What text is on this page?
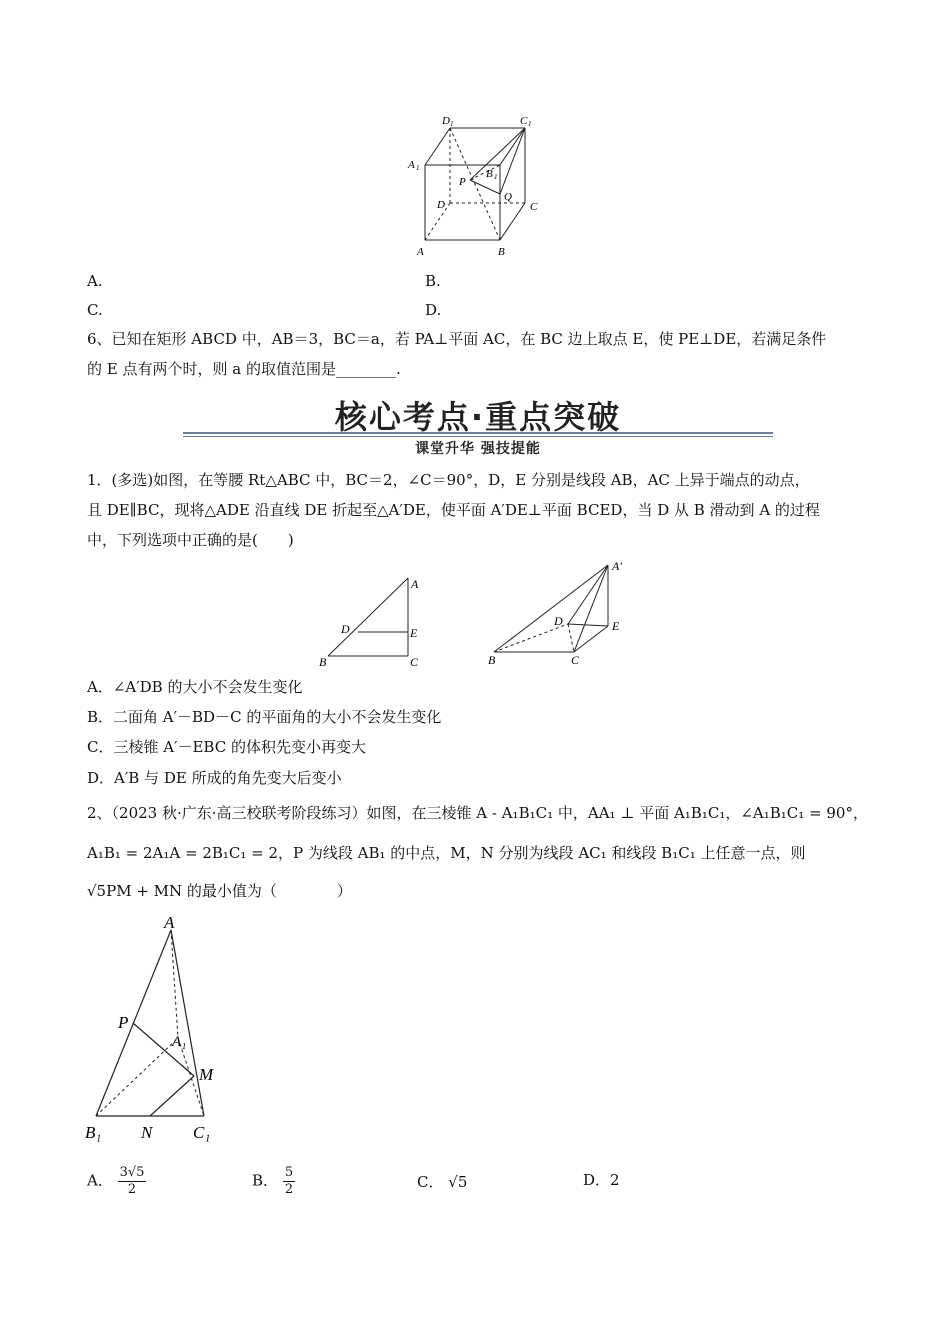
D 1	C 1
A 1	B 1
P
Q
D	C
A	B
A.	B.
C.	D.
6、已知在矩形 ABCD 中，AB＝3，BC＝a，若 PA⊥平面 AC，在 BC 边上取点 E，使 PE⊥DE，若满足条件
的 E 点有两个时，则 a 的取值范围是________.
核心考点·重点突破
课堂升华 强技提能
1．(多选)如图，在等腰 Rt△ABC 中，BC＝2，∠C＝90°，D，E 分别是线段 AB，AC 上异于端点的动点，
且 DE∥BC，现将△ADE 沿直线 DE 折起至△A′DE，使平面 A′DE⊥平面 BCED，当 D 从 B 滑动到 A 的过程
中，下列选项中正确的是(　　)
A
D	E
B	C
A′
D	E
B	C
A．∠A′DB 的大小不会发生变化
B．二面角 A′－BD－C 的平面角的大小不会发生变化
C．三棱锥 A′－EBC 的体积先变小再变大
D．A′B 与 DE 所成的角先变大后变小
2、（2023 秋·广东·高三校联考阶段练习）如图，在三棱锥 A - A₁B₁C₁ 中，AA₁ ⊥ 平面 A₁B₁C₁，∠A₁B₁C₁ = 90°，
A₁B₁ = 2A₁A = 2B₁C₁ = 2，P 为线段 AB₁ 的中点，M，N 分别为线段 AC₁ 和线段 B₁C₁ 上任意一点，则
√5PM + MN 的最小值为（　　　　）
A
P
A₁
M
B₁ N C₁
A． $\frac{3√5}{2}$	B． $\frac{5}{2}$	C． √5	D．2
